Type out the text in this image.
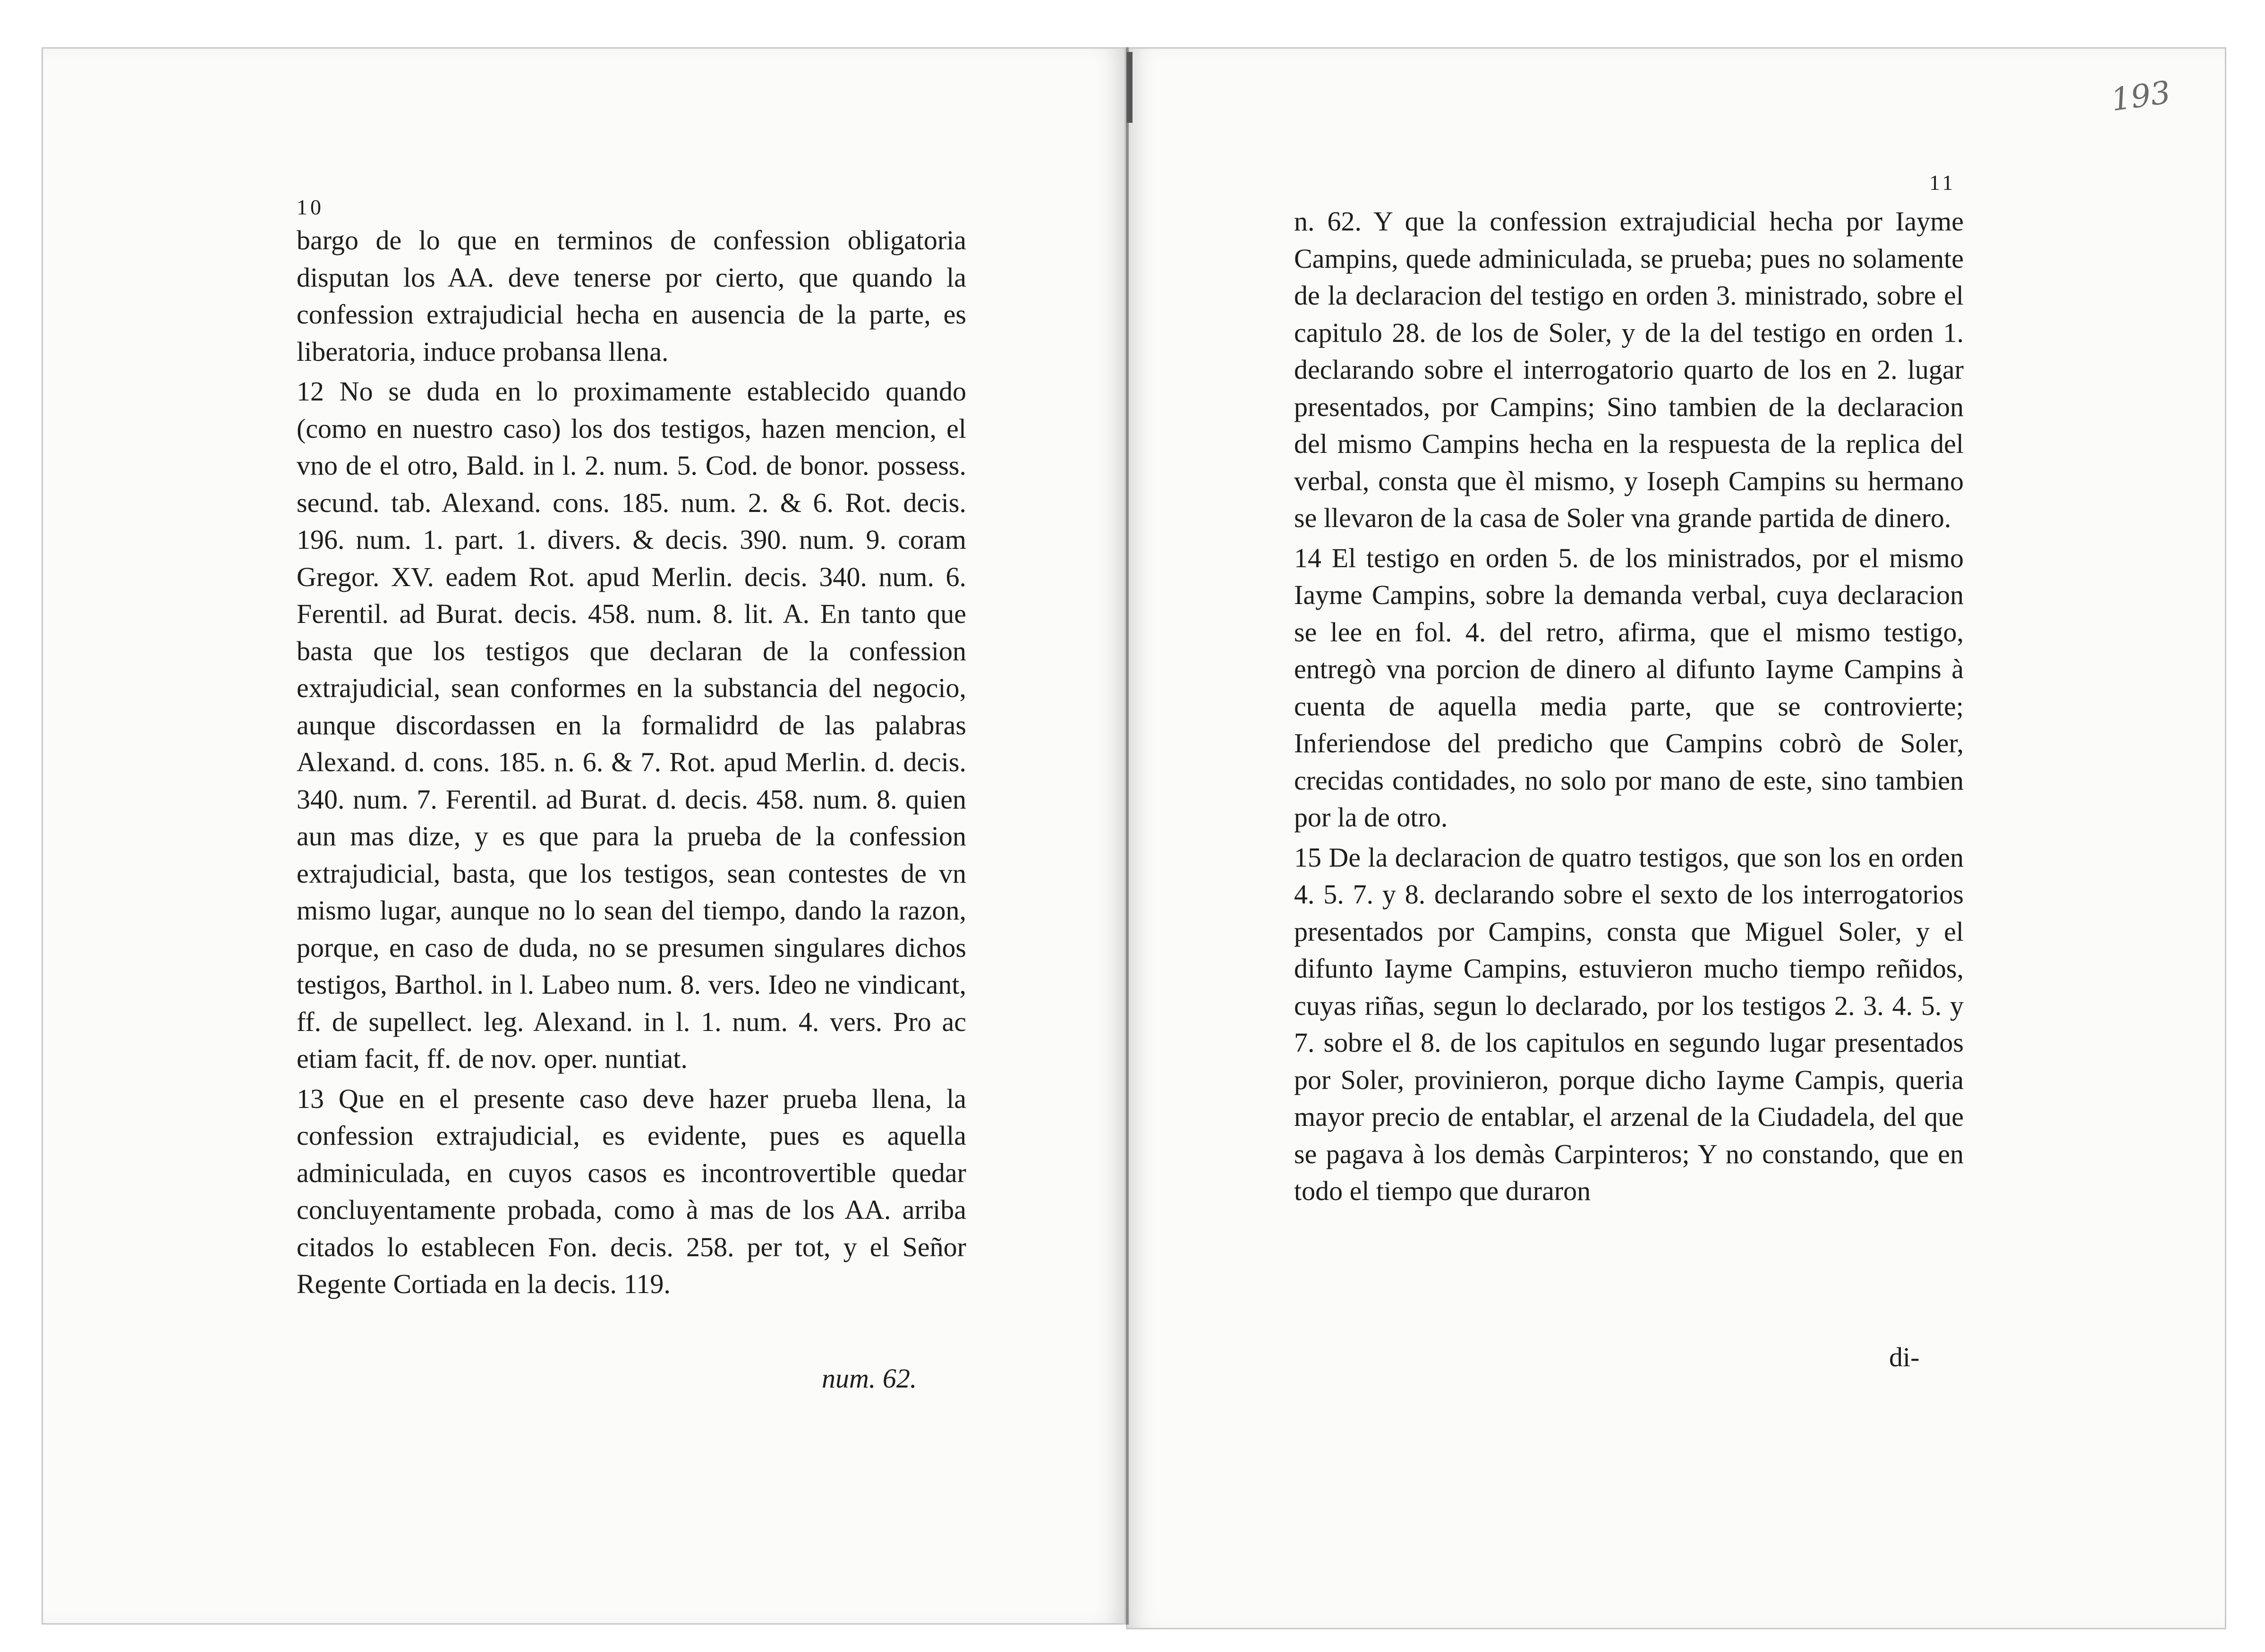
10

bargo de lo que en terminos de confession obligatoria disputan los AA. deve tenerse por cierto, que quando la confession extrajudicial hecha en ausencia de la parte, es liberatoria, induce probansa llena.

12 No se duda en lo proximamente establecido quando (como en nuestro caso) los dos testigos, hazen mencion, el vno de el otro, Bald. in l. 2. num. 5. Cod. de bonor. possess. secund. tab. Alexand. cons. 185. num. 2. & 6. Rot. decis. 196. num. 1. part. 1. divers. & decis. 390. num. 9. coram Gregor. XV. eadem Rot. apud Merlin. decis. 340. num. 6. Ferentil. ad Burat. decis. 458. num. 8. lit. A. En tanto que basta que los testigos que declaran de la confession extrajudicial, sean conformes en la substancia del negocio, aunque discordassen en la formalidrd de las palabras Alexand. d. cons. 185. n. 6. & 7. Rot. apud Merlin. d. decis. 340. num. 7. Ferentil. ad Burat. d. decis. 458. num. 8. quien aun mas dize, y es que para la prueba de la confession extrajudicial, basta, que los testigos, sean contestes de vn mismo lugar, aunque no lo sean del tiempo, dando la razon, porque, en caso de duda, no se presumen singulares dichos testigos, Barthol. in l. Labeo num. 8. vers. Ideo ne vindicant, ff. de supellect. leg. Alexand. in l. 1. num. 4. vers. Pro ac etiam facit, ff. de nov. oper. nuntiat.

13 Que en el presente caso deve hazer prueba llena, la confession extrajudicial, es evidente, pues es aquella adminiculada, en cuyos casos es incontrovertible quedar concluyentamente probada, como à mas de los AA. arriba citados lo establecen Fon. decis. 258. per tot, y el Señor Regente Cortiada en la decis. 119.

num. 62.
193
11

n. 62. Y que la confession extrajudicial hecha por Iayme Campins, quede adminiculada, se prueba; pues no solamente de la declaracion del testigo en orden 3. ministrado, sobre el capitulo 28. de los de Soler, y de la del testigo en orden 1. declarando sobre el interrogatorio quarto de los en 2. lugar presentados, por Campins; Sino tambien de la declaracion del mismo Campins hecha en la respuesta de la replica del verbal, consta que èl mismo, y Ioseph Campins su hermano se llevaron de la casa de Soler vna grande partida de dinero.

14 El testigo en orden 5. de los ministrados, por el mismo Iayme Campins, sobre la demanda verbal, cuya declaracion se lee en fol. 4. del retro, afirma, que el mismo testigo, entregò vna porcion de dinero al difunto Iayme Campins à cuenta de aquella media parte, que se controvierte; Inferiendose del predicho que Campins cobrò de Soler, crecidas contidades, no solo por mano de este, sino tambien por la de otro.

15 De la declaracion de quatro testigos, que son los en orden 4. 5. 7. y 8. declarando sobre el sexto de los interrogatorios presentados por Campins, consta que Miguel Soler, y el difunto Iayme Campins, estuvieron mucho tiempo reñidos, cuyas riñas, segun lo declarado, por los testigos 2. 3. 4. 5. y 7. sobre el 8. de los capitulos en segundo lugar presentados por Soler, provinieron, porque dicho Iayme Campis, queria mayor precio de entablar, el arzenal de la Ciudadela, del que se pagava à los demàs Carpinteros; Y no constando, que en todo el tiempo que duraron

di-
